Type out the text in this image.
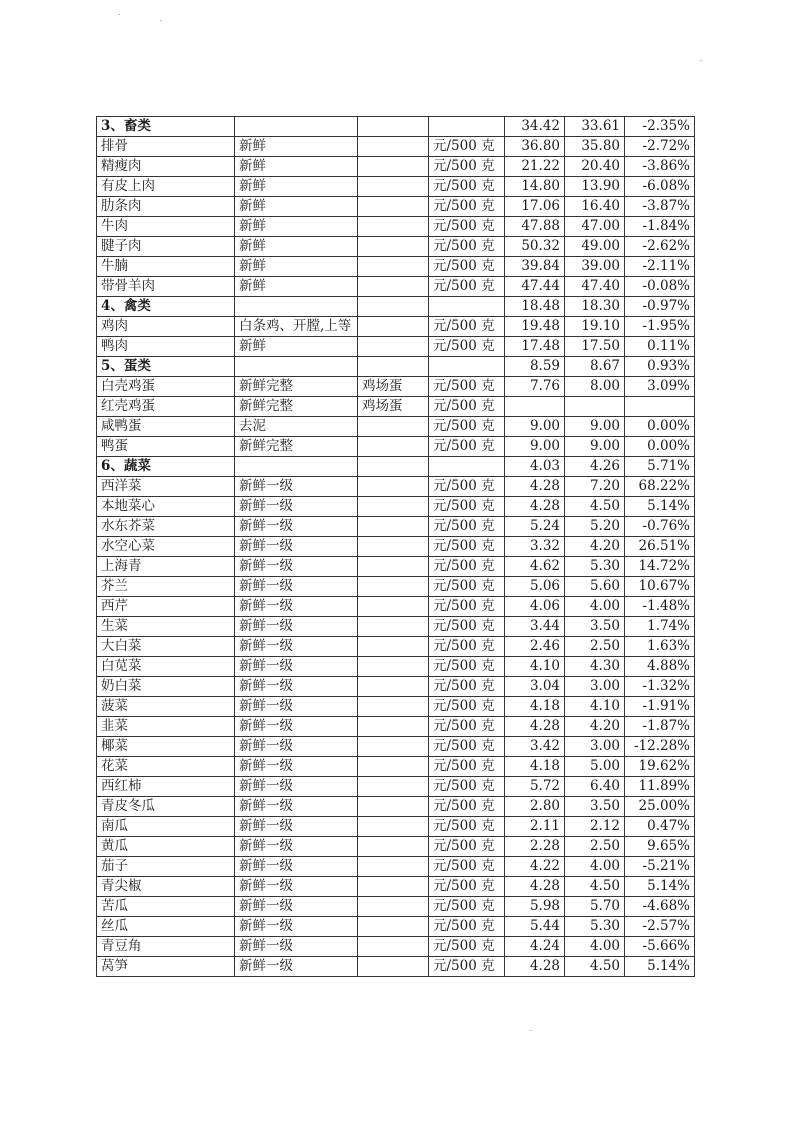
3、畜类				34.42	33.61	-2.35%
排骨	新鲜		元/500 克	36.80	35.80	-2.72%
精瘦肉	新鲜		元/500 克	21.22	20.40	-3.86%
有皮上肉	新鲜		元/500 克	14.80	13.90	-6.08%
肋条肉	新鲜		元/500 克	17.06	16.40	-3.87%
牛肉	新鲜		元/500 克	47.88	47.00	-1.84%
腱子肉	新鲜		元/500 克	50.32	49.00	-2.62%
牛腩	新鲜		元/500 克	39.84	39.00	-2.11%
带骨羊肉	新鲜		元/500 克	47.44	47.40	-0.08%
4、禽类				18.48	18.30	-0.97%
鸡肉	白条鸡、开膛,上等		元/500 克	19.48	19.10	-1.95%
鸭肉	新鲜		元/500 克	17.48	17.50	0.11%
5、蛋类				8.59	8.67	0.93%
白壳鸡蛋	新鲜完整	鸡场蛋	元/500 克	7.76	8.00	3.09%
红壳鸡蛋	新鲜完整	鸡场蛋	元/500 克			
咸鸭蛋	去泥		元/500 克	9.00	9.00	0.00%
鸭蛋	新鲜完整		元/500 克	9.00	9.00	0.00%
6、蔬菜				4.03	4.26	5.71%
西洋菜	新鲜一级		元/500 克	4.28	7.20	68.22%
本地菜心	新鲜一级		元/500 克	4.28	4.50	5.14%
水东芥菜	新鲜一级		元/500 克	5.24	5.20	-0.76%
水空心菜	新鲜一级		元/500 克	3.32	4.20	26.51%
上海青	新鲜一级		元/500 克	4.62	5.30	14.72%
芥兰	新鲜一级		元/500 克	5.06	5.60	10.67%
西芹	新鲜一级		元/500 克	4.06	4.00	-1.48%
生菜	新鲜一级		元/500 克	3.44	3.50	1.74%
大白菜	新鲜一级		元/500 克	2.46	2.50	1.63%
白苋菜	新鲜一级		元/500 克	4.10	4.30	4.88%
奶白菜	新鲜一级		元/500 克	3.04	3.00	-1.32%
菠菜	新鲜一级		元/500 克	4.18	4.10	-1.91%
韭菜	新鲜一级		元/500 克	4.28	4.20	-1.87%
椰菜	新鲜一级		元/500 克	3.42	3.00	-12.28%
花菜	新鲜一级		元/500 克	4.18	5.00	19.62%
西红柿	新鲜一级		元/500 克	5.72	6.40	11.89%
青皮冬瓜	新鲜一级		元/500 克	2.80	3.50	25.00%
南瓜	新鲜一级		元/500 克	2.11	2.12	0.47%
黄瓜	新鲜一级		元/500 克	2.28	2.50	9.65%
茄子	新鲜一级		元/500 克	4.22	4.00	-5.21%
青尖椒	新鲜一级		元/500 克	4.28	4.50	5.14%
苦瓜	新鲜一级		元/500 克	5.98	5.70	-4.68%
丝瓜	新鲜一级		元/500 克	5.44	5.30	-2.57%
青豆角	新鲜一级		元/500 克	4.24	4.00	-5.66%
莴笋	新鲜一级		元/500 克	4.28	4.50	5.14%
